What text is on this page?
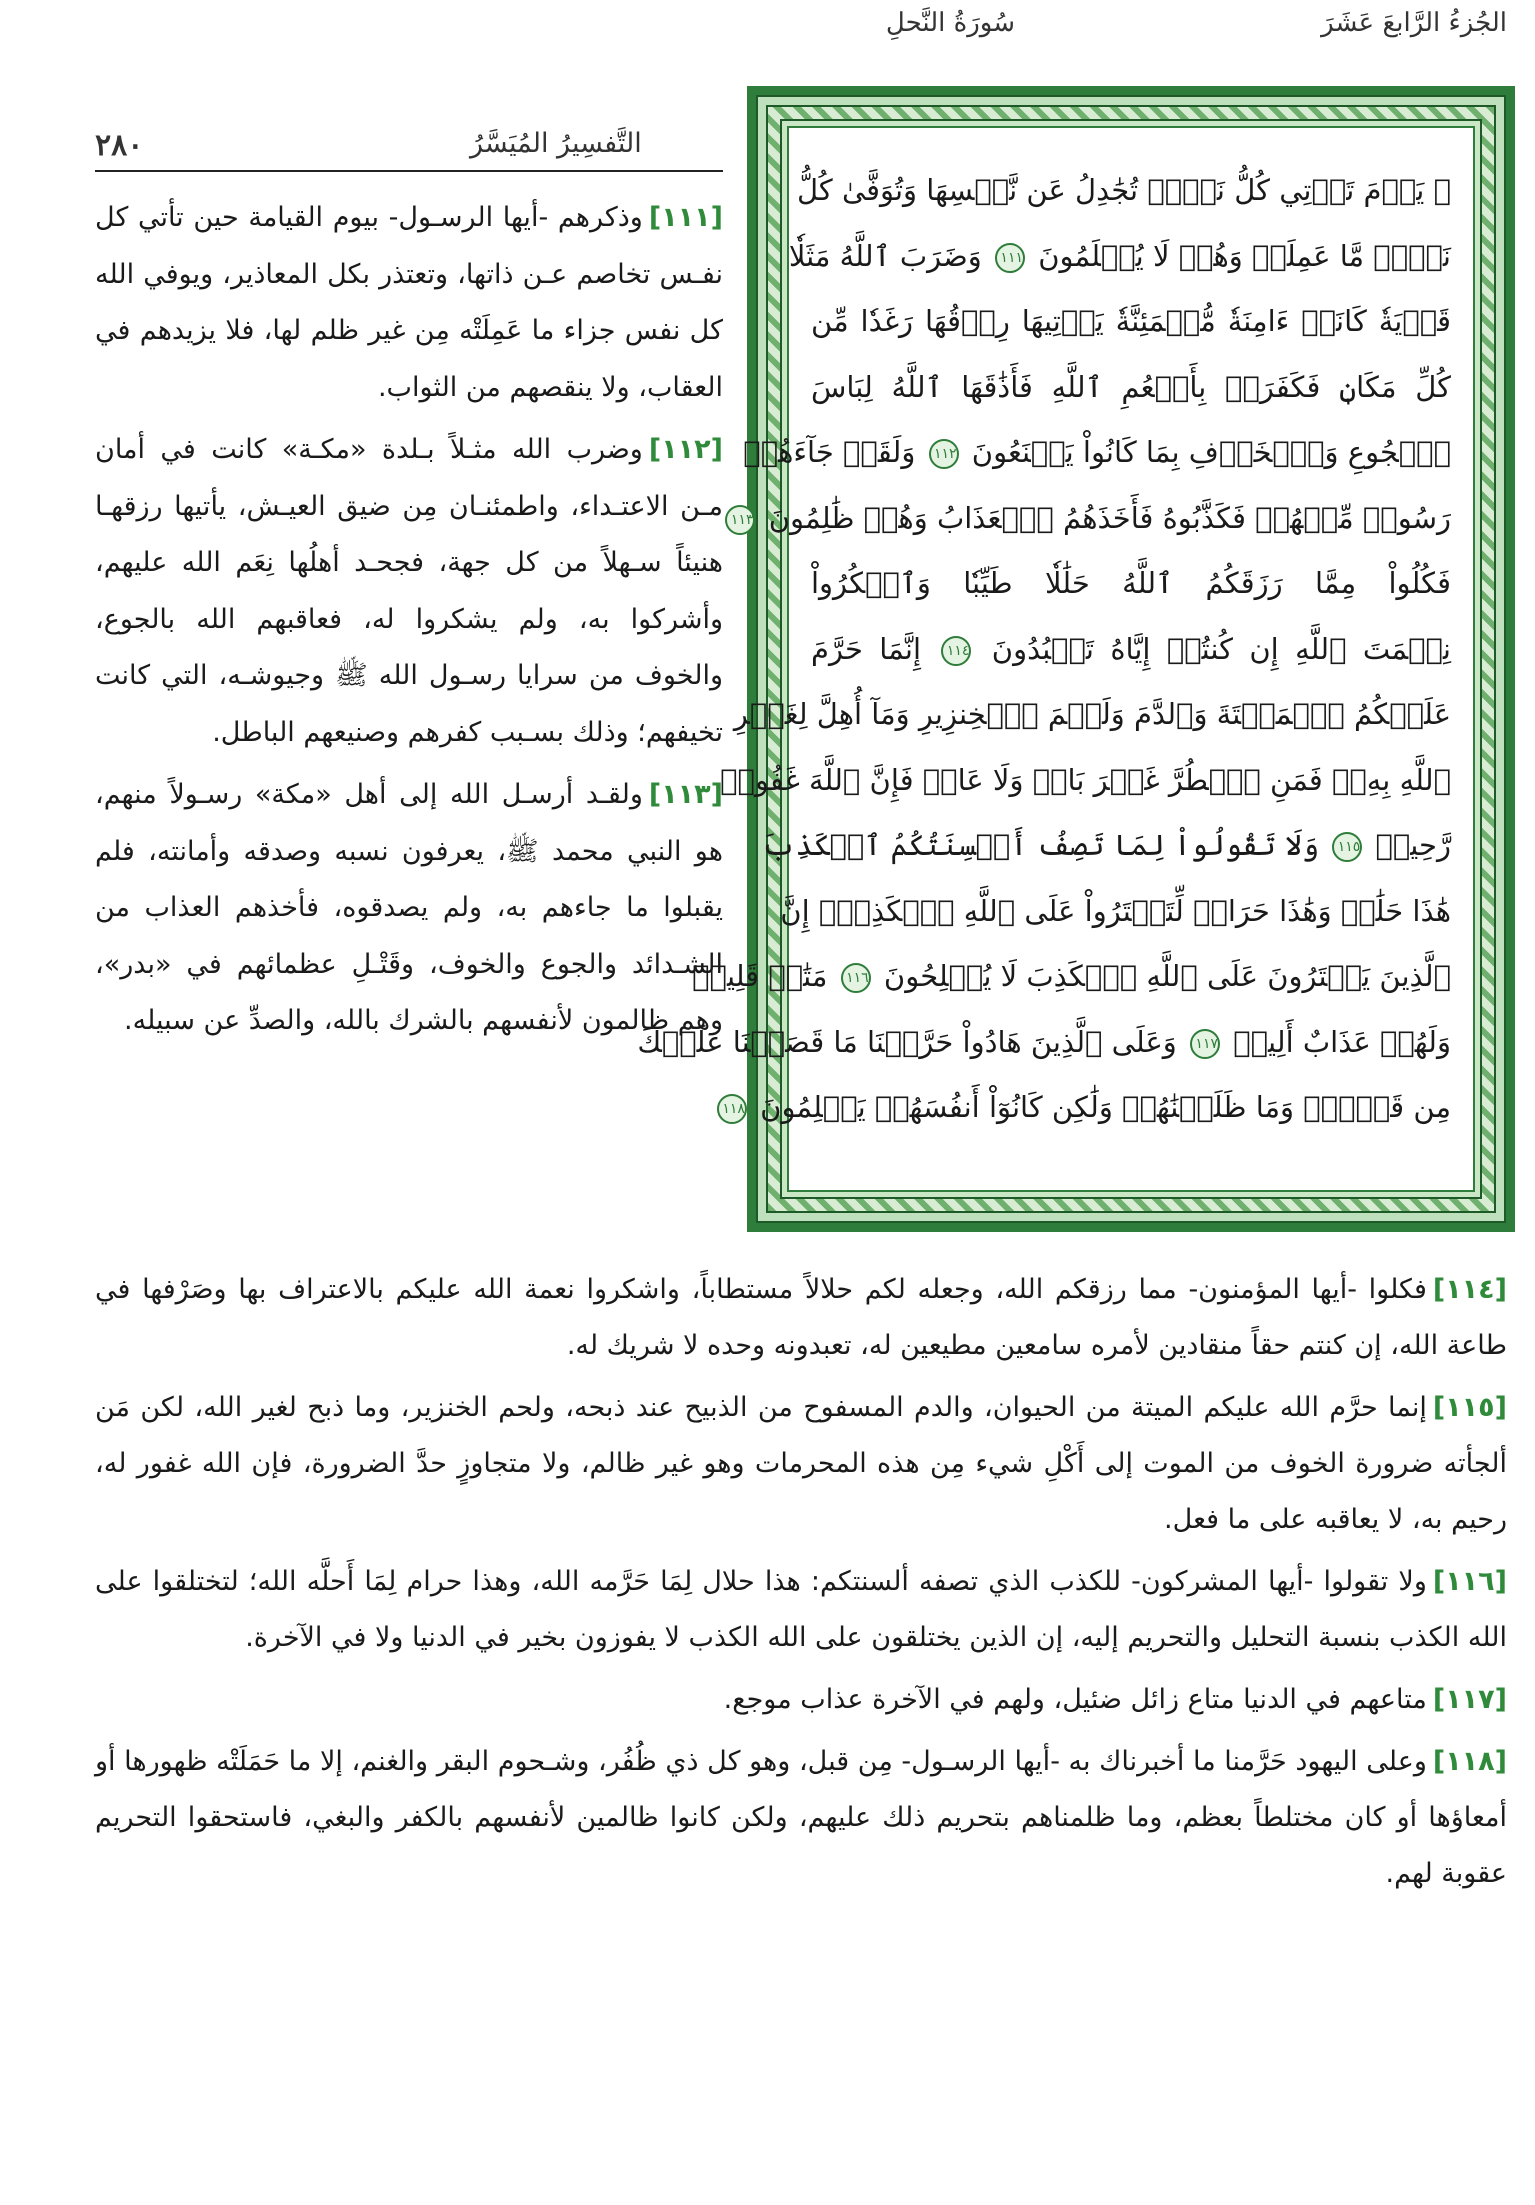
الجُزءُ الرَّابعَ عَشَرَ
سُورَةُ النَّحلِ
التَّفسِيرُ المُيَسَّرُ
٢٨٠
۞ يَوۡمَ تَأۡتِي كُلُّ نَفۡسٖ تُجَٰدِلُ عَن نَّفۡسِهَا وَتُوَفَّىٰ كُلُّ
نَفۡسٖ مَّا عَمِلَتۡ وَهُمۡ لَا يُظۡلَمُونَ ١١١ وَضَرَبَ ٱللَّهُ مَثَلٗا
قَرۡيَةٗ كَانَتۡ ءَامِنَةٗ مُّطۡمَئِنَّةٗ يَأۡتِيهَا رِزۡقُهَا رَغَدٗا مِّن
كُلِّ مَكَانٖ فَكَفَرَتۡ بِأَنۡعُمِ ٱللَّهِ فَأَذَٰقَهَا ٱللَّهُ لِبَاسَ
ٱلۡجُوعِ وَٱلۡخَوۡفِ بِمَا كَانُواْ يَصۡنَعُونَ ١١٢ وَلَقَدۡ جَآءَهُمۡ
رَسُولٞ مِّنۡهُمۡ فَكَذَّبُوهُ فَأَخَذَهُمُ ٱلۡعَذَابُ وَهُمۡ ظَٰلِمُونَ ١١٣
فَكُلُواْ مِمَّا رَزَقَكُمُ ٱللَّهُ حَلَٰلٗا طَيِّبٗا وَٱشۡكُرُواْ
نِعۡمَتَ ٱللَّهِ إِن كُنتُمۡ إِيَّاهُ تَعۡبُدُونَ ١١٤ إِنَّمَا حَرَّمَ
عَلَيۡكُمُ ٱلۡمَيۡتَةَ وَٱلدَّمَ وَلَحۡمَ ٱلۡخِنزِيرِ وَمَآ أُهِلَّ لِغَيۡرِ
ٱللَّهِ بِهِۦۖ فَمَنِ ٱضۡطُرَّ غَيۡرَ بَاغٖ وَلَا عَادٖ فَإِنَّ ٱللَّهَ غَفُورٞ
رَّحِيمٞ ١١٥ وَلَا تَقُولُواْ لِمَا تَصِفُ أَلۡسِنَتُكُمُ ٱلۡكَذِبَ
هَٰذَا حَلَٰلٞ وَهَٰذَا حَرَامٞ لِّتَفۡتَرُواْ عَلَى ٱللَّهِ ٱلۡكَذِبَۚ إِنَّ
ٱلَّذِينَ يَفۡتَرُونَ عَلَى ٱللَّهِ ٱلۡكَذِبَ لَا يُفۡلِحُونَ ١١٦ مَتَٰعٞ قَلِيلٞ
وَلَهُمۡ عَذَابٌ أَلِيمٞ ١١٧ وَعَلَى ٱلَّذِينَ هَادُواْ حَرَّمۡنَا مَا قَصَصۡنَا عَلَيۡكَ
مِن قَبۡلُۖ وَمَا ظَلَمۡنَٰهُمۡ وَلَٰكِن كَانُوٓاْ أَنفُسَهُمۡ يَظۡلِمُونَ ١١٨

[١١١]وذكرهم -أيها الرسـول- بيوم القيامة حين تأتي كل نفـس تخاصم عـن ذاتها، وتعتذر بكل المعاذير، ويوفي الله كل نفس جزاء ما عَمِلَتْه مِن غير ظلم لها، فلا يزيدهم في العقاب، ولا ينقصهم من الثواب.

[١١٢]وضرب الله مثـلاً بـلدة «مكـة» كانت في أمان مـن الاعتـداء، واطمئنـان مِن ضيق العيـش، يأتيها رزقهـا هنيئاً سـهلاً من كل جهة، فجحـد أهلُها نِعَم الله عليهم، وأشركوا به، ولم يشكروا له، فعاقبهم الله بالجوع، والخوف من سرايا رسـول الله ﷺ وجيوشـه، التي كانت تخيفهم؛ وذلك بسـبب كفرهم وصنيعهم الباطل.

[١١٣]ولقـد أرسـل الله إلى أهل «مكة» رسـولاً منهم، هو النبي محمد ﷺ، يعرفون نسبه وصدقه وأمانته، فلم يقبلوا ما جاءهم به، ولم يصدقوه، فأخذهم العذاب من الشـدائد والجوع والخوف، وقَتْـلِ عظمائهم في «بدر»، وهم ظالمون لأنفسهم بالشرك بالله، والصدِّ عن سبيله.

[١١٤]فكلوا -أيها المؤمنون- مما رزقكم الله، وجعله لكم حلالاً مستطاباً، واشكروا نعمة الله عليكم بالاعتراف بها وصَرْفها في طاعة الله، إن كنتم حقاً منقادين لأمره سامعين مطيعين له، تعبدونه وحده لا شريك له.

[١١٥]إنما حرَّم الله عليكم الميتة من الحيوان، والدم المسفوح من الذبيح عند ذبحه، ولحم الخنزير، وما ذبح لغير الله، لكن مَن ألجأته ضرورة الخوف من الموت إلى أَكْلِ شيء مِن هذه المحرمات وهو غير ظالم، ولا متجاوزٍ حدَّ الضرورة، فإن الله غفور له، رحيم به، لا يعاقبه على ما فعل.

[١١٦]ولا تقولوا -أيها المشركون- للكذب الذي تصفه ألسنتكم: هذا حلال لِمَا حَرَّمه الله، وهذا حرام لِمَا أَحلَّه الله؛ لتختلقوا على الله الكذب بنسبة التحليل والتحريم إليه، إن الذين يختلقون على الله الكذب لا يفوزون بخير في الدنيا ولا في الآخرة.

[١١٧]متاعهم في الدنيا متاع زائل ضئيل، ولهم في الآخرة عذاب موجع.

[١١٨]وعلى اليهود حَرَّمنا ما أخبرناك به -أيها الرسـول- مِن قبل، وهو كل ذي ظُفُر، وشـحوم البقر والغنم، إلا ما حَمَلَتْه ظهورها أو أمعاؤها أو كان مختلطاً بعظم، وما ظلمناهم بتحريم ذلك عليهم، ولكن كانوا ظالمين لأنفسهم بالكفر والبغي، فاستحقوا التحريم عقوبة لهم.
